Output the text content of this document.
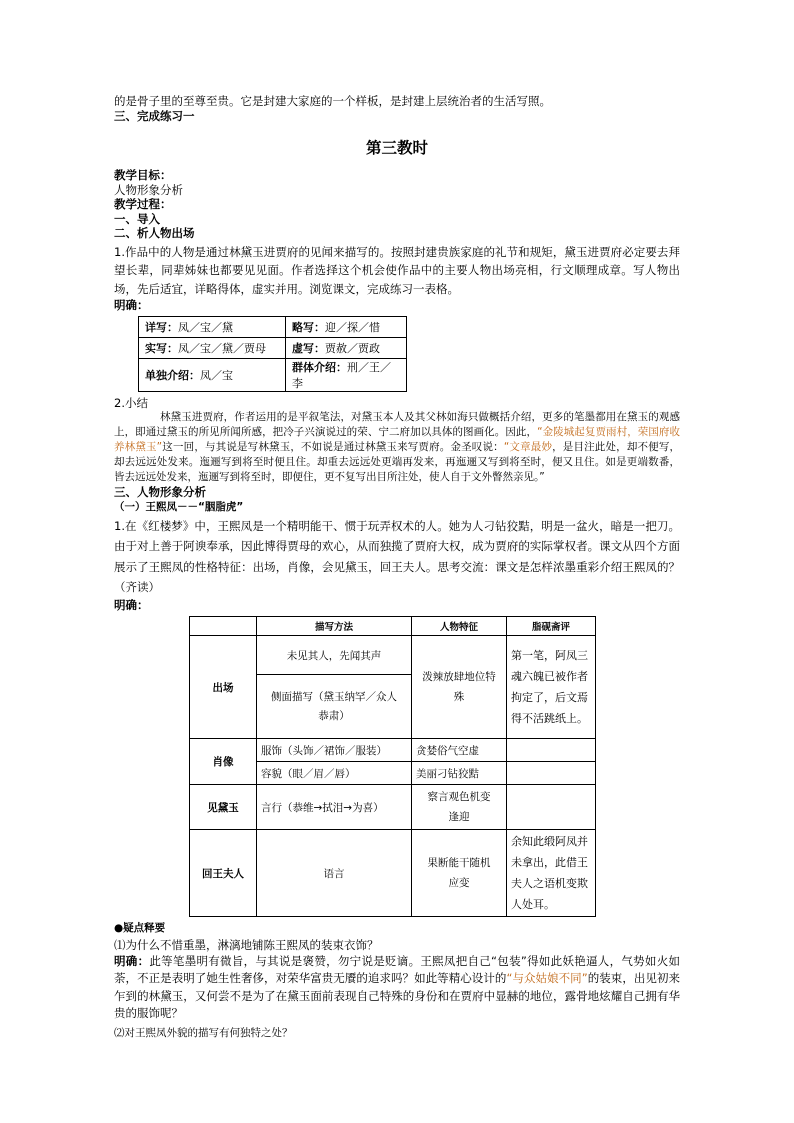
的是骨子里的至尊至贵。它是封建大家庭的一个样板，是封建上层统治者的生活写照。
三、完成练习一
第三教时
教学目标：
人物形象分析
教学过程：
一、导入
二、析人物出场
1.作品中的人物是通过林黛玉进贾府的见闻来描写的。按照封建贵族家庭的礼节和规矩，黛玉进贾府必定要去拜望长辈，同辈姊妹也都要见见面。作者选择这个机会使作品中的主要人物出场亮相，行文顺理成章。写人物出场，先后适宜，详略得体，虚实并用。浏览课文，完成练习一表格。
明确：
详写：凤／宝／黛	略写：迎／探／惜
实写：凤／宝／黛／贾母	虚写：贾赦／贾政
单独介绍：凤／宝	群体介绍：刑／王／李
2.小结
林黛玉进贾府，作者运用的是平叙笔法，对黛玉本人及其父林如海只做概括介绍，更多的笔墨都用在黛玉的观感上，即通过黛玉的所见所闻所感，把冷子兴演说过的荣、宁二府加以具体的图画化。因此，“金陵城起复贾雨村，荣国府收养林黛玉”这一回，与其说是写林黛玉，不如说是通过林黛玉来写贾府。金圣叹说：“文章最妙，是目注此处，却不便写，却去远远处发来。迤逦写到将至时便且住。却重去远远处更端再发来，再迤逦又写到将至时，便又且住。如是更端数番，皆去远远处发来，迤逦写到将至时，即便住，更不复写出目所注处，使人自于文外瞥然亲见。”
三、人物形象分析
（一）王熙凤－－“胭脂虎”
1.在《红楼梦》中，王熙凤是一个精明能干、惯于玩弄权术的人。她为人刁钻狡黠，明是一盆火，暗是一把刀。由于对上善于阿谀奉承，因此博得贾母的欢心，从而独揽了贾府大权，成为贾府的实际掌权者。课文从四个方面展示了王熙凤的性格特征：出场，肖像，会见黛玉，回王夫人。思考交流：课文是怎样浓墨重彩介绍王熙凤的？（齐读）
明确：
	描写方法	人物特征	脂砚斋评
出场	未见其人，先闻其声	泼辣放肆地位特殊	第一笔，阿凤三魂六魄已被作者拘定了，后文焉得不活跳纸上。
	侧面描写（黛玉纳罕／众人恭肃）		
肖像	服饰（头饰／裙饰／服装）	贪婪俗气空虚	
	容貌（眼／眉／唇）	美丽刁钻狡黠	
见黛玉	言行（恭维→拭泪→为喜）	察言观色机变逢迎	
回王夫人	语言	果断能干随机应变	余知此缎阿凤并未拿出，此借王夫人之语机变欺人处耳。
●疑点释要
⑴为什么不惜重墨，淋漓地铺陈王熙凤的装束衣饰？
明确：此等笔墨明有微旨，与其说是褒赞，勿宁说是贬谪。王熙凤把自己“包装”得如此妖艳逼人，气势如火如荼，不正是表明了她生性奢侈，对荣华富贵无餍的追求吗？如此等精心设计的“与众姑娘不同”的装束，出见初来乍到的林黛玉，又何尝不是为了在黛玉面前表现自己特殊的身份和在贾府中显赫的地位，露骨地炫耀自己拥有华贵的服饰呢？
⑵对王熙凤外貌的描写有何独特之处？
